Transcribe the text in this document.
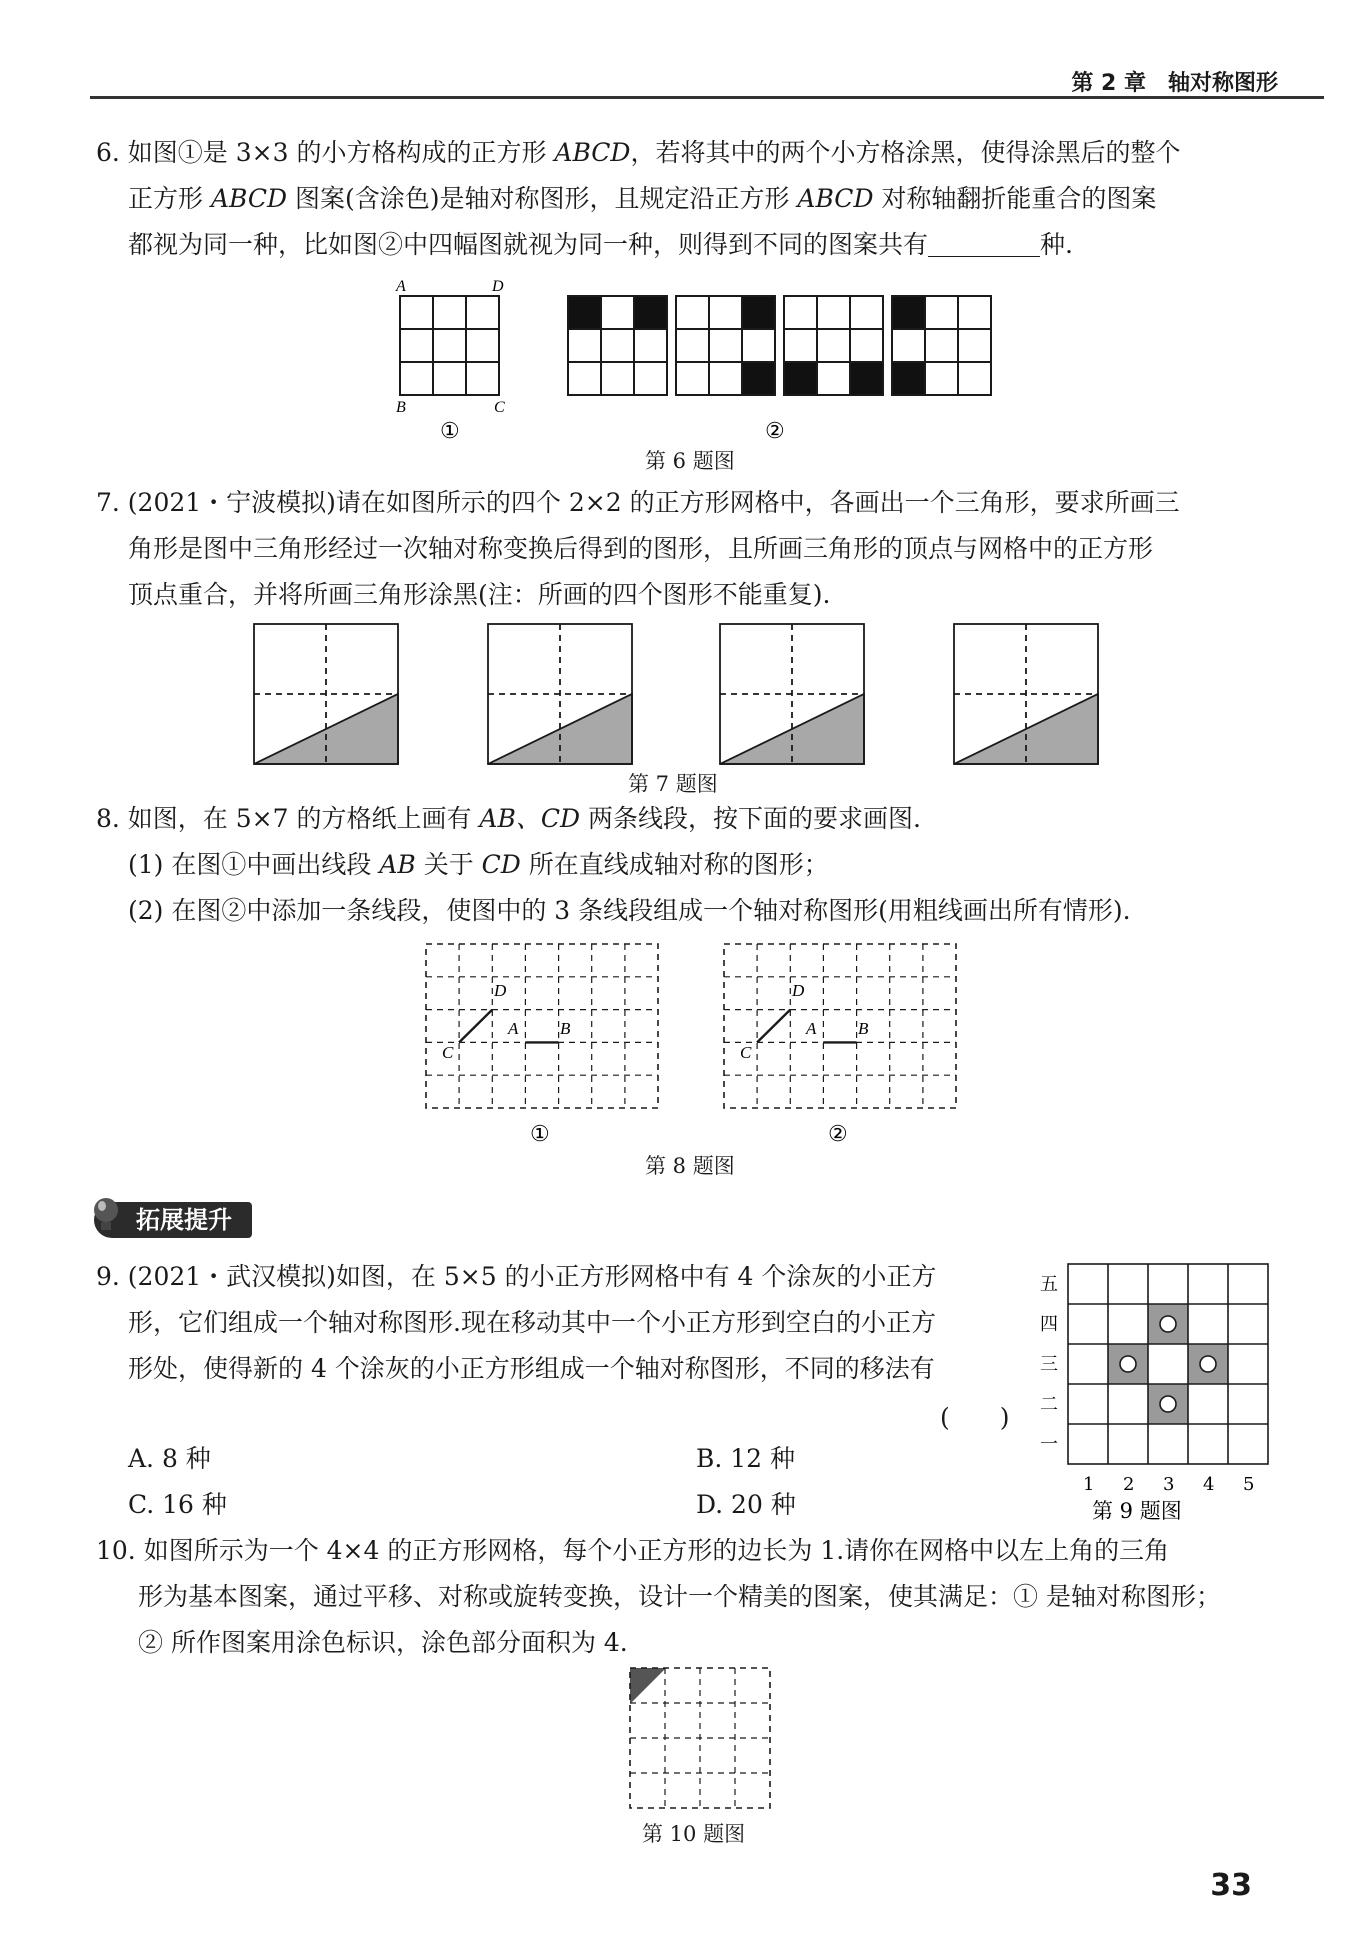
第 2 章　轴对称图形
6. 如图①是 3×3 的小方格构成的正方形 ABCD，若将其中的两个小方格涂黑，使得涂黑后的整个
正方形 ABCD 图案(含涂色)是轴对称图形，且规定沿正方形 ABCD 对称轴翻折能重合的图案
都视为同一种，比如图②中四幅图就视为同一种，则得到不同的图案共有	种.
A	D
B	C
①	②
第 6 题图
7. (2021・宁波模拟)请在如图所示的四个 2×2 的正方形网格中，各画出一个三角形，要求所画三
角形是图中三角形经过一次轴对称变换后得到的图形，且所画三角形的顶点与网格中的正方形
顶点重合，并将所画三角形涂黑(注：所画的四个图形不能重复).
第 7 题图
8. 如图，在 5×7 的方格纸上画有 AB、CD 两条线段，按下面的要求画图.
(1) 在图①中画出线段 AB 关于 CD 所在直线成轴对称的图形；
(2) 在图②中添加一条线段，使图中的 3 条线段组成一个轴对称图形(用粗线画出所有情形).
D
C
A B
D
C
A B
①	②
第 8 题图
拓展提升
9. (2021・武汉模拟)如图，在 5×5 的小正方形网格中有 4 个涂灰的小正方
形，它们组成一个轴对称图形.现在移动其中一个小正方形到空白的小正方
形处，使得新的 4 个涂灰的小正方形组成一个轴对称图形，不同的移法有
(　　)
A. 8 种	B. 12 种
C. 16 种	D. 20 种
五
四
三
二
一
1 2 3 4 5
第 9 题图
10. 如图所示为一个 4×4 的正方形网格，每个小正方形的边长为 1.请你在网格中以左上角的三角
形为基本图案，通过平移、对称或旋转变换，设计一个精美的图案，使其满足：① 是轴对称图形；
② 所作图案用涂色标识，涂色部分面积为 4.
第 10 题图
33
